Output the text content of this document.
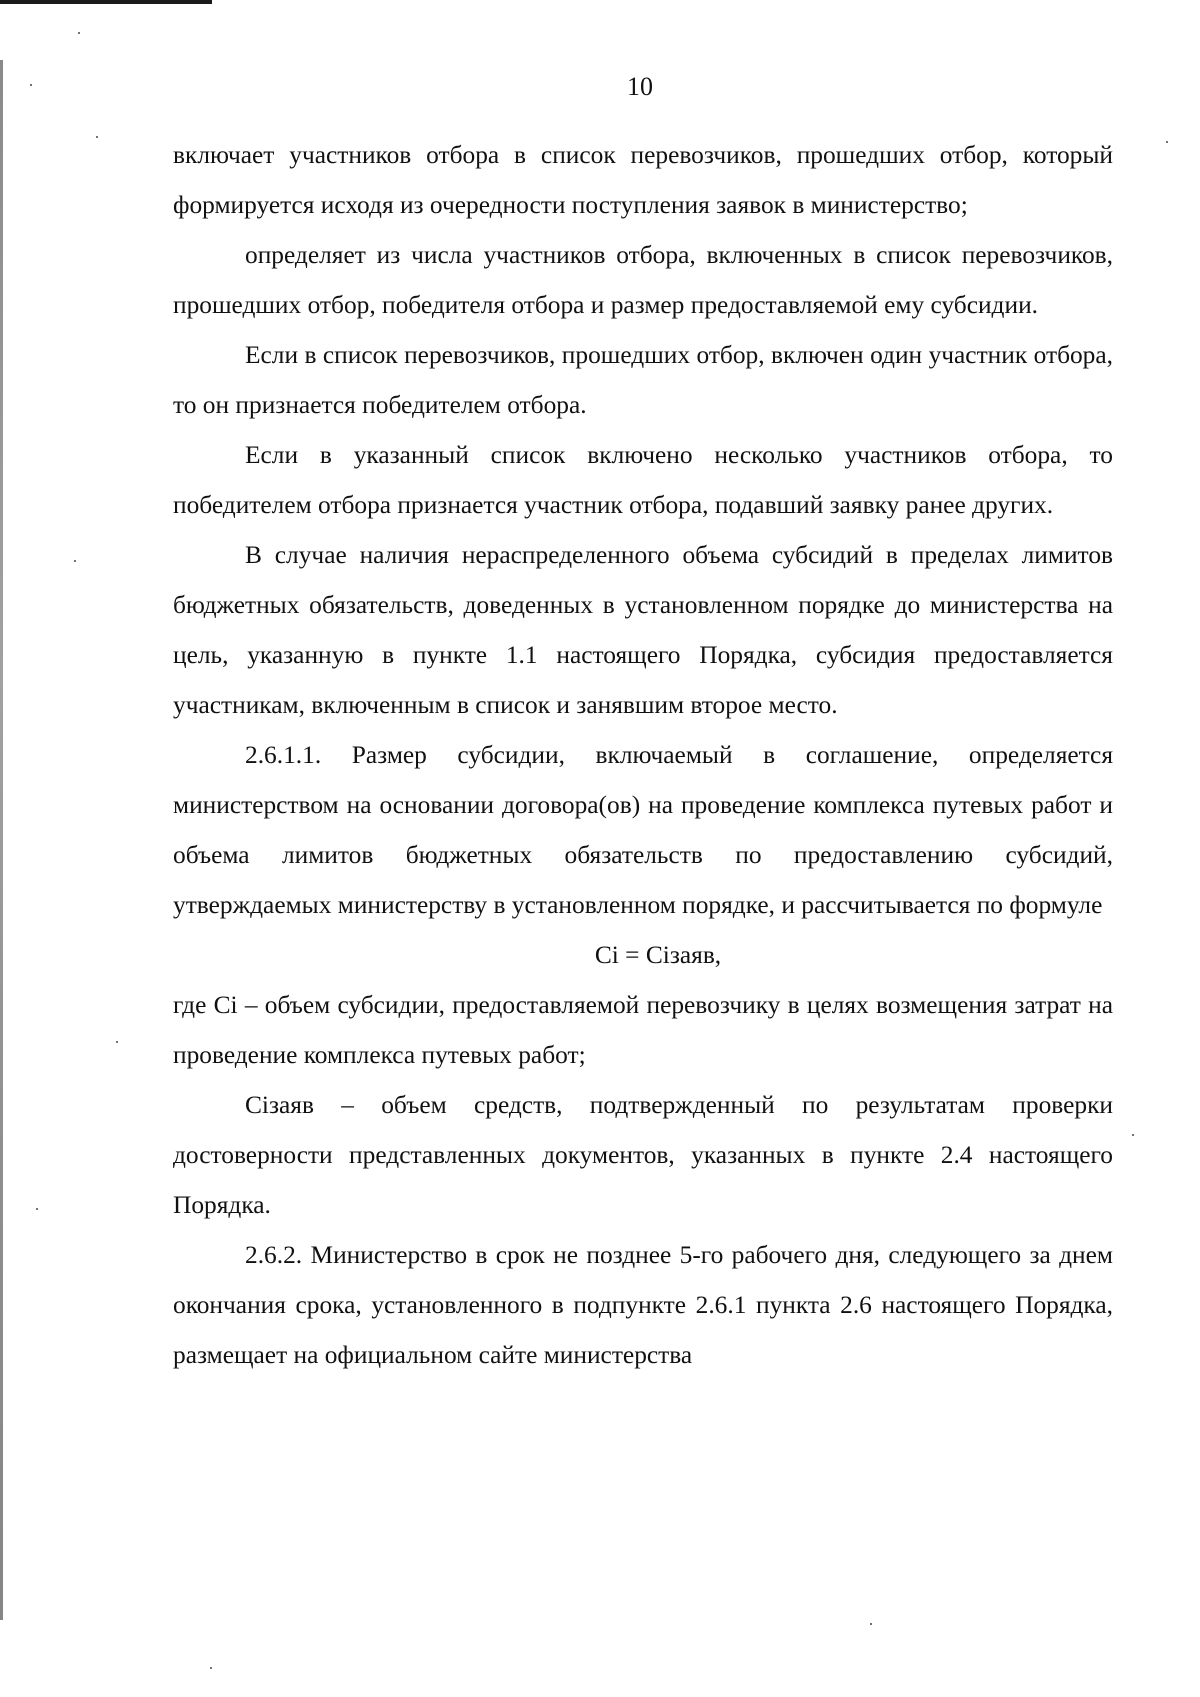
10

включает участников отбора в список перевозчиков, прошедших отбор, который формируется исходя из очередности поступления заявок в министерство;

определяет из числа участников отбора, включенных в список перевозчиков, прошедших отбор, победителя отбора и размер предоставляемой ему субсидии.

Если в список перевозчиков, прошедших отбор, включен один участник отбора, то он признается победителем отбора.

Если в указанный список включено несколько участников отбора, то победителем отбора признается участник отбора, подавший заявку ранее других.

В случае наличия нераспределенного объема субсидий в пределах лимитов бюджетных обязательств, доведенных в установленном порядке до министерства на цель, указанную в пункте 1.1 настоящего Порядка, субсидия предоставляется участникам, включенным в список и занявшим второе место.

2.6.1.1. Размер субсидии, включаемый в соглашение, определяется министерством на основании договора(ов) на проведение комплекса путевых работ и объема лимитов бюджетных обязательств по предоставлению субсидий, утверждаемых министерству в установленном порядке, и рассчитывается по формуле

Ci = Ciзаяв,

где Ci – объем субсидии, предоставляемой перевозчику в целях возмещения затрат на проведение комплекса путевых работ;

Ciзаяв – объем средств, подтвержденный по результатам проверки достоверности представленных документов, указанных в пункте 2.4 настоящего Порядка.

2.6.2. Министерство в срок не позднее 5-го рабочего дня, следующего за днем окончания срока, установленного в подпункте 2.6.1 пункта 2.6 настоящего Порядка, размещает на официальном сайте министерства
